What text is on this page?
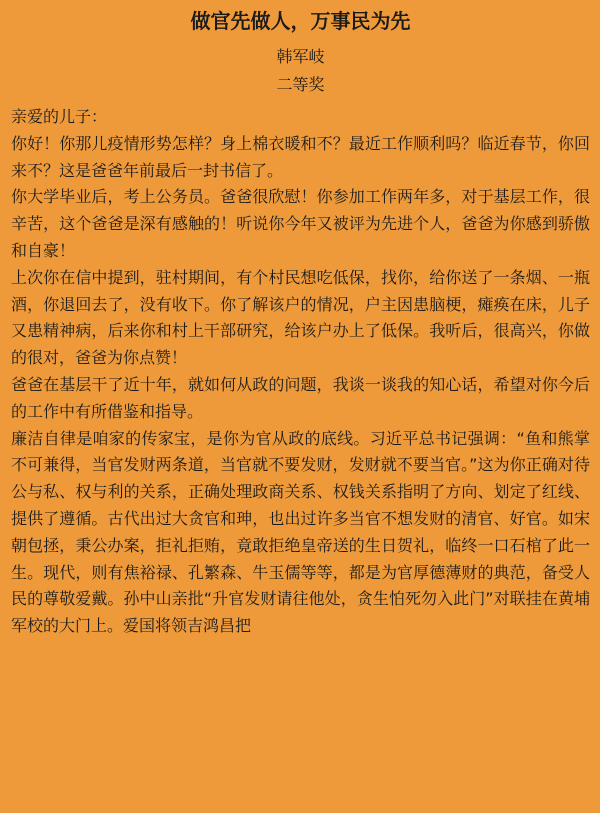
做官先做人，万事民为先
韩军岐
二等奖

亲爱的儿子：

你好！你那儿疫情形势怎样？身上棉衣暖和不？最近工作顺利吗？临近春节，你回来不？这是爸爸年前最后一封书信了。

你大学毕业后，考上公务员。爸爸很欣慰！你参加工作两年多，对于基层工作，很辛苦，这个爸爸是深有感触的！听说你今年又被评为先进个人，爸爸为你感到骄傲和自豪！

上次你在信中提到，驻村期间，有个村民想吃低保，找你，给你送了一条烟、一瓶酒，你退回去了，没有收下。你了解该户的情况，户主因患脑梗，瘫痪在床，儿子又患精神病，后来你和村上干部研究，给该户办上了低保。我听后，很高兴，你做的很对，爸爸为你点赞！

爸爸在基层干了近十年，就如何从政的问题，我谈一谈我的知心话，希望对你今后的工作中有所借鉴和指导。

廉洁自律是咱家的传家宝，是你为官从政的底线。习近平总书记强调：“鱼和熊掌不可兼得，当官发财两条道，当官就不要发财，发财就不要当官。”这为你正确对待公与私、权与利的关系，正确处理政商关系、权钱关系指明了方向、划定了红线、提供了遵循。古代出过大贪官和珅，也出过许多当官不想发财的清官、好官。如宋朝包拯，秉公办案，拒礼拒贿，竟敢拒绝皇帝送的生日贺礼，临终一口石棺了此一生。现代，则有焦裕禄、孔繁森、牛玉儒等等，都是为官厚德薄财的典范，备受人民的尊敬爱戴。孙中山亲批“升官发财请往他处，贪生怕死勿入此门”对联挂在黄埔军校的大门上。爱国将领吉鸿昌把
